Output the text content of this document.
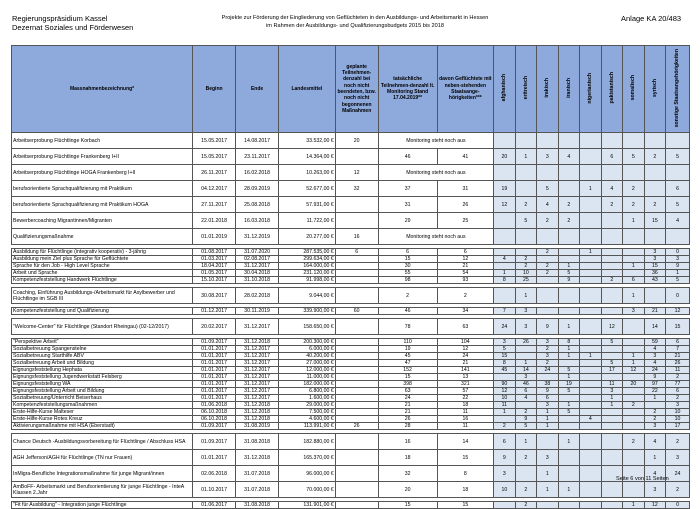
Regierungspräsidium Kassel
Dezernat Soziales und Förderwesen
Projekte zur Förderung der Eingliederung von Geflüchteten in den Ausbildungs- und Arbeitsmarkt in Hessen
im Rahmen der Ausbildungs- und Qualifizierungsbudgets 2015 bis 2018
Anlage KA 20/483
Massnahmenbezeichnung*	Beginn	Ende	Landesmittel	geplante Teilnehmen-denzahl bei noch nicht beendeten, bzw. noch nicht begonnenen Maßnahmen	tatsächliche Teilnehmen-denzahl lt. Monitoring Stand 17.04.2019**	davon Geflüchtete mit neben-stehenden Staatsange-hörigkeiten***	afghanisch	eritreisch	irakisch	iranisch	nigerianisch	pakistanisch	somalisch	syrisch	sonstige Staatsangehörigkeiten
Arbeitserprobung Flüchtlinge Korbach	15.05.2017	14.08.2017	33.532,00 €	20	Monitoring steht noch aus										
Arbeitserprobung Flüchtlinge Frankenberg I+II	15.05.2017	23.11.2017	14.364,00 €		46	41	20	1	3	4		6	5	2	5
Arbeitserprobung Flüchtlinge HOGA Frankenberg I+II	26.11.2017	16.02.2018	10.263,00 €	12	Monitoring steht noch aus										
berufsorientierte Sprachqualifizierung mit Praktikum	04.12.2017	28.09.2019	52.677,00 €	32	37	31	19		5		1	4	2		6
berufsorientierte Sprachqualifizierung mit Praktikum HOGA	27.11.2017	25.08.2018	57.931,00 €		31	26	12	2	4	2		2	2	2	5
Bewerbercoaching Migrantinnen/Migranten	22.01.2018	16.03.2018	11.722,00 €		29	25		5	2	2			1	15	4
Qualifizierungsmaßnahme	01.01.2019	31.12.2019	20.277,00 €	16	Monitoring steht noch aus										

Ausbildung für Flüchtlinge (integrativ kooperativ) - 3-jährig	01.08.2017	31.07.2020	287.535,00 €	6	6	6			2		1			3	0
Ausbildung mein Ziel plus Sprache für Geflüchtete	01.03.2017	02.08.2017	299.634,00 €		15	12	4	2						3	3
Sprache für den Job - High Level Sprache	18.04.2017	31.12.2017	164.000,00 €		30	21		2	2	1			1	15	9
Arbeit und Sprache	01.05.2017	30.04.2018	231.120,00 €		55	54	1	10	2	5				36	1
Kompetenzfeststellung Handwerk Flüchtlinge	15.10.2017	31.10.2018	91.998,00 €		98	93	8	25		9		2	6	43	5

Coaching, Einführung Ausbildungs-/Arbeitsmarkt für Asylbewerber und Flüchtlinge im SGB III	30.08.2017	28.02.2018	9.044,00 €		2	2		1					1		0

Kompetenzfeststellung und Qualifizierung	01.12.2017	30.11.2019	339.900,00 €	60	46	34	7	3					3	21	12

"Welcome-Center" für Flüchtlinge (Standort Rheingau) (02-12/2017)	20.02.2017	31.12.2017	158.650,00 €		78	63	24	3	9	1		12		14	15

"Perspektive Arbeit"	01.09.2017	31.12.2018	200.300,00 €		110	104	3	26	3	8		5		59	6
Sozialbetreuung Spangenstelne	01.01.2017	31.12.2017	6.000,00 €		19	12	5		2	1				4	7
Sozialbetreuung Starthilfe ABV	01.01.2017	31.12.2017	40.200,00 €		45	24	15		3	1	1		1	3	21
Sozialbetreuung Arbeit und Bildung	01.01.2017	31.12.2017	27.000,00 €		47	21	8	1	2			5	1	4	26
Eignungsfeststellung Hephata	01.01.2017	31.12.2017	12.000,00 €		152	141	45	14	24	5		17	12	24	11
Eignungsfeststellung Jugendwerkstatt Felsberg	01.01.2017	31.12.2017	11.000,00 €		15	13		3		1				9	2
Eignungsfeststellung WA	01.01.2017	31.12.2017	182.000,00 €		398	321	90	46	38	19		11	20	97	77
Eignungsfeststellung Arbeit und Bildung	01.01.2017	31.12.2017	6.800,00 €		63	57	12	6	9	5		3		22	6
Sozialbetreuung/Unterricht Beiserhaus	01.01.2017	31.12.2017	1.600,00 €		24	22	10	4	6			1		1	2
Kompetenzfeststellungsmaßnahmen	01.06.2018	31.12.2018	29.000,00 €		21	18	11		3	1		1	2		3
Erste-Hilfe-Kurse Malteser	06.10.2018	31.12.2018	7.500,00 €		21	11	1	2	1	5				2	10
Erste-Hilfe-Kurse Rotes Kreuz	06.10.2018	31.12.2018	4.600,00 €		26	16		9	1		4			2	10
Aktivierungsmaßnahme mit HSA (Eberstadt)	01.09.2017	31.08.2019	113.991,00 €	26	28	11	2	5	1					3	17

Chance Deutsch -Ausbildungsvorbereitung für Flüchtlinge / Abschluss HSA	01.09.2017	31.08.2018	182.880,00 €		16	14	6	1		1			2	4	2
AGH Jefferson/AGH für Flüchtlinge (TN nur Frauen)	01.01.2017	31.12.2018	165.370,00 €		18	15	9	2	3					1	3
InMigra-Berufliche Integrationsmaßnahme für junge Migrant/innen	02.06.2018	31.07.2018	96.000,00 €		32	8	3		1					4	24
AmBoFF- Arbeitsmarkt und Berufsorientierung für junge Flüchtlinge - InteA Klassen 2.Jahr	01.10.2017	31.07.2018	70.000,00 €		20	18	10	2	1	1				3	2

"Fit für Ausbildung" - Integration junge Flüchtlinge	01.06.2017	31.08.2018	131.901,00 €		15	15		2					1	12	0
Seite 6 von 11 Seiten
